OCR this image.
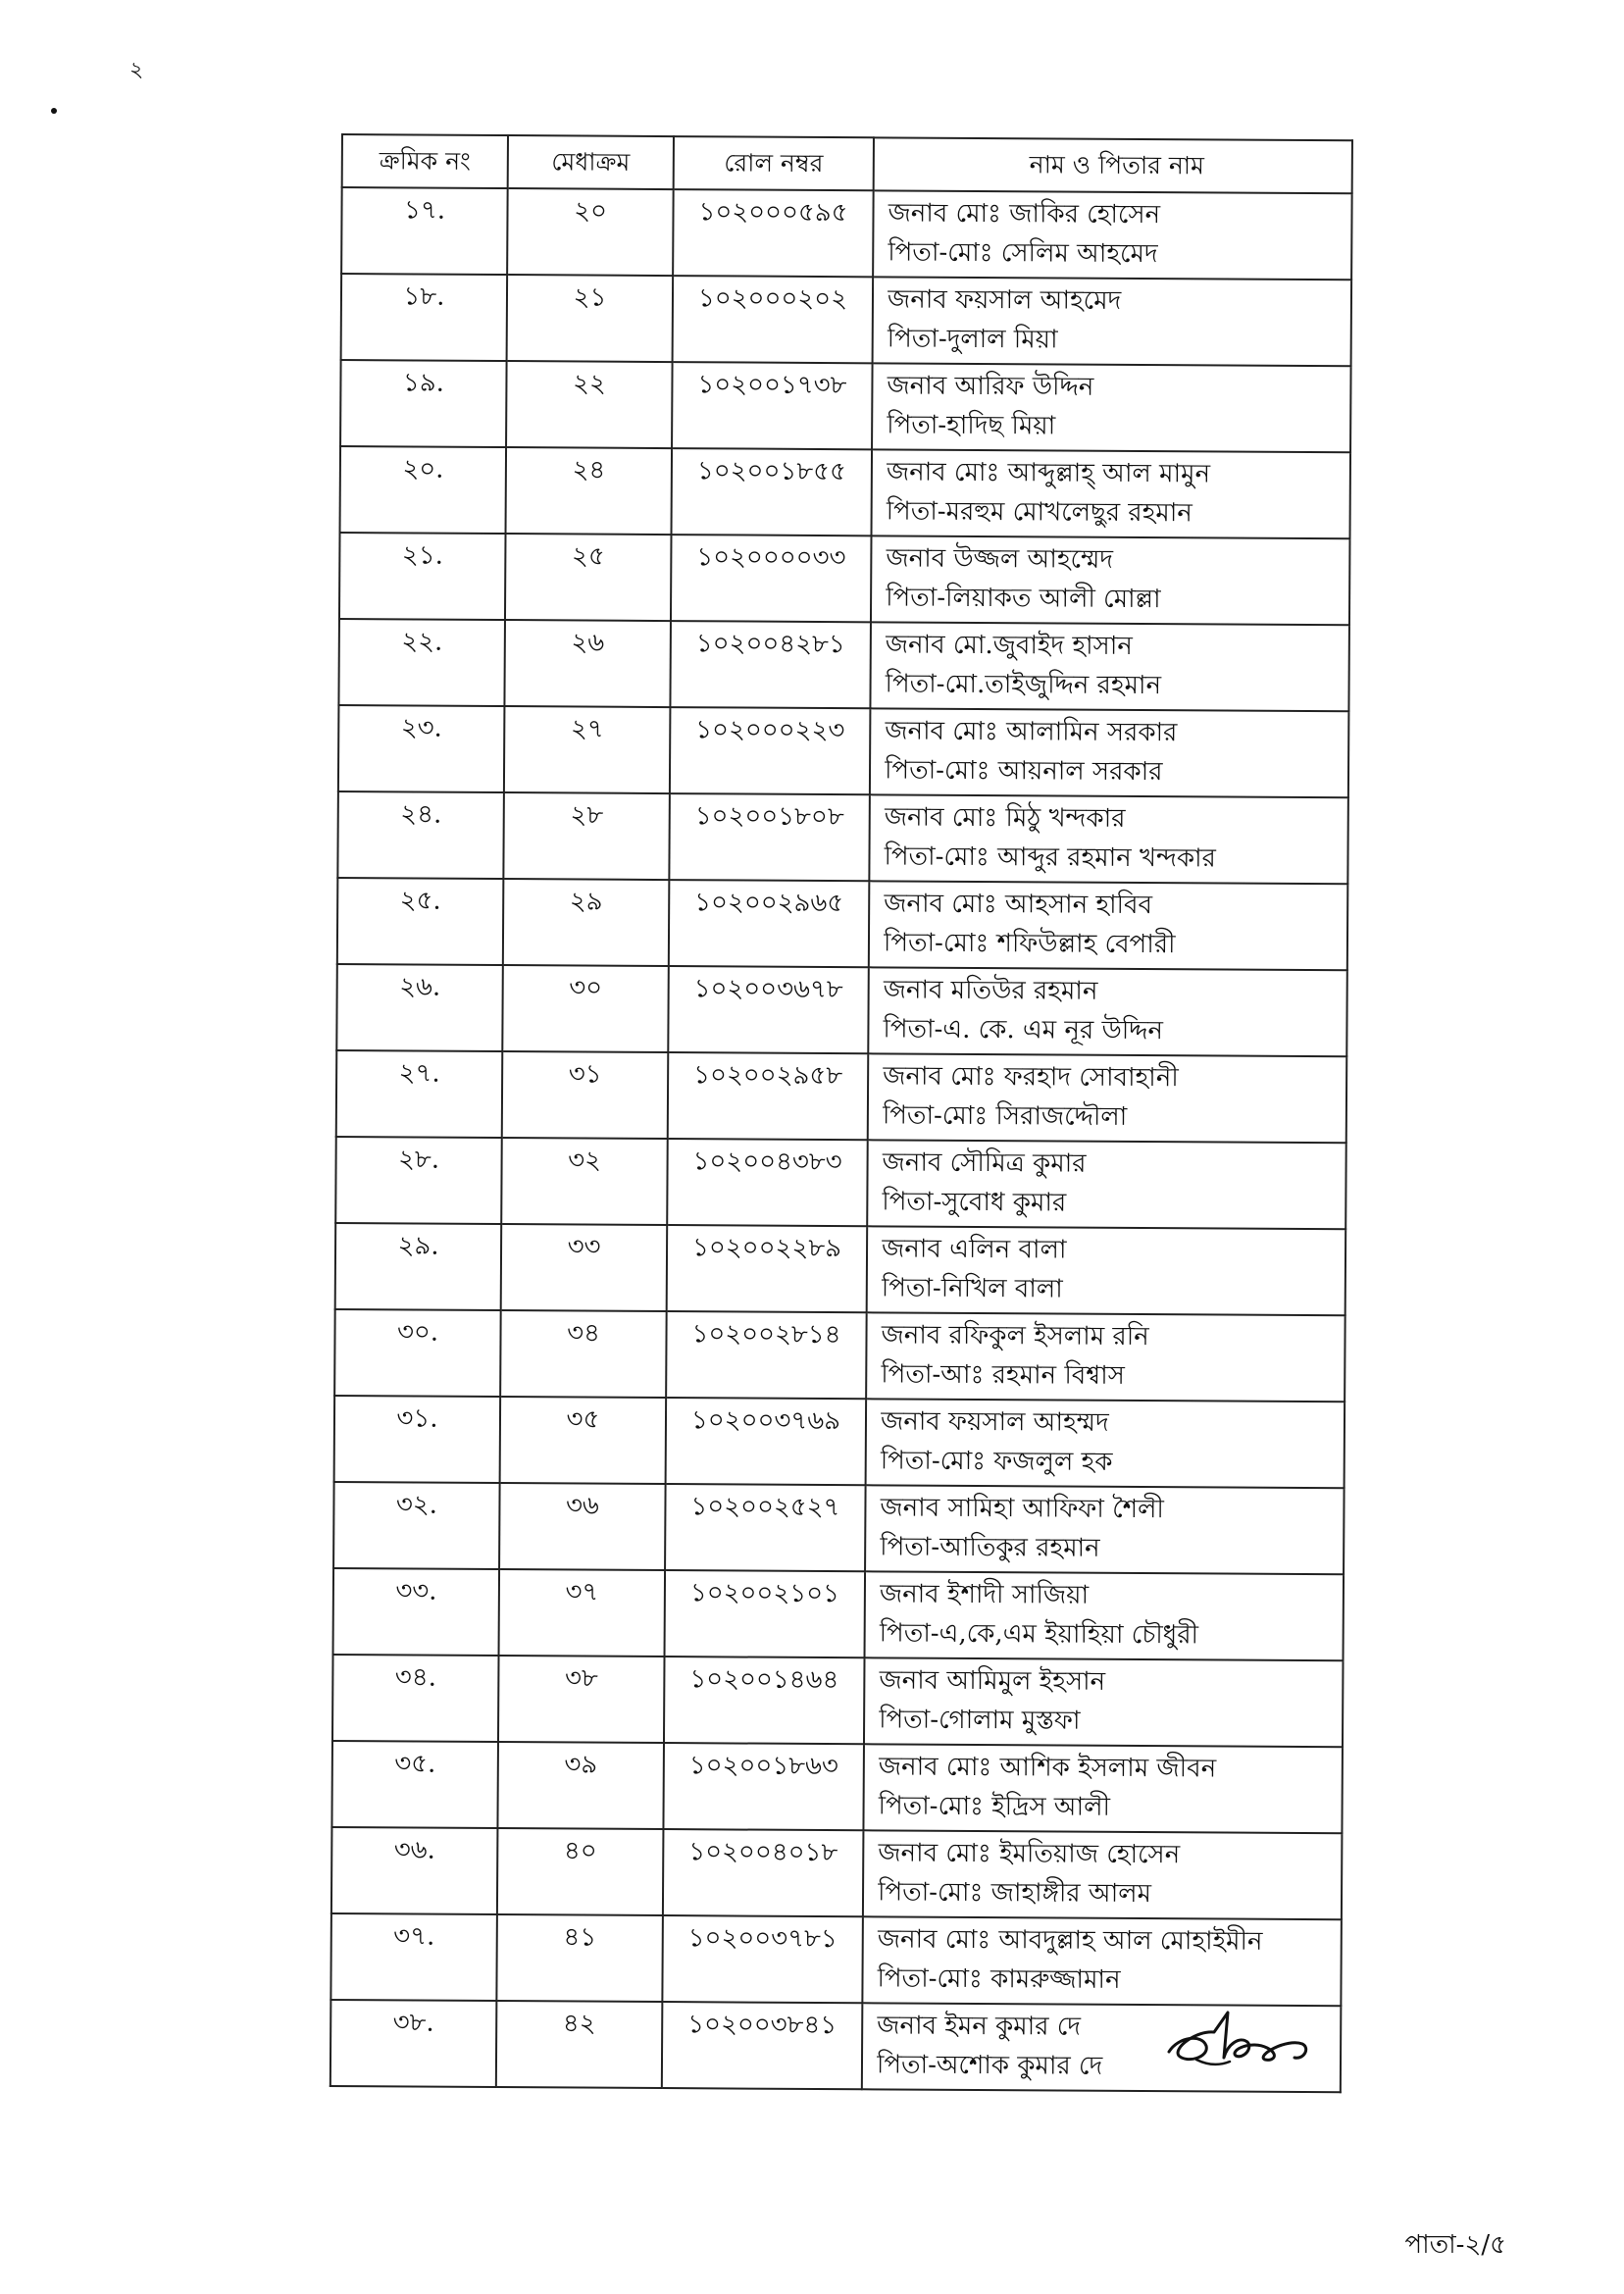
২
ক্রমিক নং	মেধাক্রম	রোল নম্বর	নাম ও পিতার নাম
১৭.	২০	১০২০০০৫৯৫	জনাব মোঃ জাকির হোসেন
পিতা-মোঃ সেলিম আহমেদ

১৮.	২১	১০২০০০২০২	জনাব ফয়সাল আহমেদ
পিতা-দুলাল মিয়া

১৯.	২২	১০২০০১৭৩৮	জনাব আরিফ উদ্দিন
পিতা-হাদিছ মিয়া

২০.	২৪	১০২০০১৮৫৫	জনাব মোঃ আব্দুল্লাহ্ আল মামুন
পিতা-মরহুম মোখলেছুর রহমান

২১.	২৫	১০২০০০০৩৩	জনাব উজ্জল আহম্মেদ
পিতা-লিয়াকত আলী মোল্লা

২২.	২৬	১০২০০৪২৮১	জনাব মো.জুবাইদ হাসান
পিতা-মো.তাইজুদ্দিন রহমান

২৩.	২৭	১০২০০০২২৩	জনাব মোঃ আলামিন সরকার
পিতা-মোঃ আয়নাল সরকার

২৪.	২৮	১০২০০১৮০৮	জনাব মোঃ মিঠু খন্দকার
পিতা-মোঃ আব্দুর রহমান খন্দকার

২৫.	২৯	১০২০০২৯৬৫	জনাব মোঃ আহসান হাবিব
পিতা-মোঃ শফিউল্লাহ বেপারী

২৬.	৩০	১০২০০৩৬৭৮	জনাব মতিউর রহমান
পিতা-এ. কে. এম নূর উদ্দিন

২৭.	৩১	১০২০০২৯৫৮	জনাব মোঃ ফরহাদ সোবাহানী
পিতা-মোঃ সিরাজদ্দৌলা

২৮.	৩২	১০২০০৪৩৮৩	জনাব সৌমিত্র কুমার
পিতা-সুবোধ কুমার

২৯.	৩৩	১০২০০২২৮৯	জনাব এলিন বালা
পিতা-নিখিল বালা

৩০.	৩৪	১০২০০২৮১৪	জনাব রফিকুল ইসলাম রনি
পিতা-আঃ রহমান বিশ্বাস

৩১.	৩৫	১০২০০৩৭৬৯	জনাব ফয়সাল আহম্মদ
পিতা-মোঃ ফজলুল হক

৩২.	৩৬	১০২০০২৫২৭	জনাব সামিহা আফিফা শৈলী
পিতা-আতিকুর রহমান

৩৩.	৩৭	১০২০০২১০১	জনাব ইশাদী সাজিয়া
পিতা-এ,কে,এম ইয়াহিয়া চৌধুরী

৩৪.	৩৮	১০২০০১৪৬৪	জনাব আমিমুল ইহসান
পিতা-গোলাম মুস্তফা

৩৫.	৩৯	১০২০০১৮৬৩	জনাব মোঃ আশিক ইসলাম জীবন
পিতা-মোঃ ইদ্রিস আলী

৩৬.	৪০	১০২০০৪০১৮	জনাব মোঃ ইমতিয়াজ হোসেন
পিতা-মোঃ জাহাঙ্গীর আলম

৩৭.	৪১	১০২০০৩৭৮১	জনাব মোঃ আবদুল্লাহ আল মোহাইমীন
পিতা-মোঃ কামরুজ্জামান

৩৮.	৪২	১০২০০৩৮৪১	জনাব ইমন কুমার দে
পিতা-অশোক কুমার দে
পাতা-২/৫
